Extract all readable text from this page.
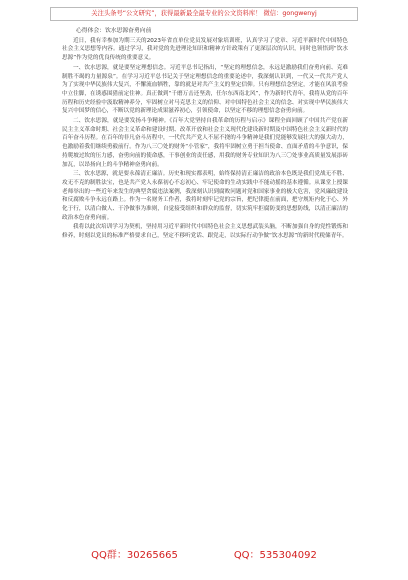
关注头条号“公文研究”，获得最新最全最专业的公文资料库！ 微信：gongwenyj

心得体会：饮水思源奋勇向前

近日，我有幸参加为期三天的2023年省直单位党员发展对象培训班，认真学习了党章、习近平新时代中国特色社会主义思想等内容。通过学习，我对党的先进理论知识和精神方针政策有了更深层次的认识，同时也领悟到“饮水思源”作为党的优良传统的重要意义。

一、饮水思源，就是要坚定理想信念。习近平总书记指出，“坚定的理想信念，永远是激励我们奋勇向前、克难制胜不竭的力量源泉”。在学习习近平总书记关于坚定理想信念的重要论述中，我深刻认识到，一代又一代共产党人为了实现中华民族伟大复兴，不懈流血牺牲，靠的就是对共产主义的坚定信仰。只有理想信念坚定，才能在风浪考验中立住脚，在诱惑围猎前定住神。真正做到“千磨万击还坚劲，任尔东西南北风”，作为新时代青年，我将从党的百年历程和历史经验中汲取精神养分，牢固树立对马克思主义的信仰、对中国特色社会主义的信念、对实现中华民族伟大复兴中国梦的信心，不断以党的新理论成果滋养初心，引领使命，以坚定不移的理想信念奋勇向前。

二、饮水思源，就是要发扬斗争精神。《百年大党坚持自我革命的历程与启示》课程全面回顾了中国共产党在新民主主义革命时期、社会主义革命和建设时期、改革开放和社会主义现代化建设新时期及中国特色社会主义新时代的百年奋斗历程。在百年的非凡奋斗历程中，一代代共产党人不屈不挠的斗争精神是我们党能够发展壮大的强大动力，也激励着我们继续勇毅前行。作为八三〇处的财务“小管家”，我将牢固树立勇于担当使命、直面矛盾的斗争意识，保持爬坡过坎的压力感，奋勇向前的使命感，干事创业的责任感，用我的财务专业知识为八三〇处事业高质量发展添砖加瓦，以昂扬向上的斗争精神奋勇向前。

三、饮水思源，就是要永葆清正廉洁。历史和现实都表明，始终保持清正廉洁的政治本色既是我们党战无不胜、攻无不克的制胜法宝，也是共产党人永葆初心不忘初心、牢记使命的生动实践中不能动摇的基本遵循。从课堂上授课老师举出的一些近年来发生的典型贪腐违法案例，我深刻认识到腐败问题对党和国家事业的极大危害，党风廉政建设和反腐败斗争永远在路上。作为一名财务工作者，我将时刻牢记党的宗旨，把纪律挺在前面，把守规矩内化于心、外化于行，以清白做人、干净做事为准则，自觉接受组织和群众的监督，切实筑牢拒腐防变的思想防线，以清正廉洁的政治本色奋勇向前。

我将以此次培训学习为契机，坚持用习近平新时代中国特色社会主义思想武装头脑，不断加强自身的党性锻炼和修养，时刻以党员的标准严格要求自己，坚定不移听党话、跟党走，以实际行动争做“饮水思源”的新时代税储青年。

QQ群：30265665	QQ：535304092
